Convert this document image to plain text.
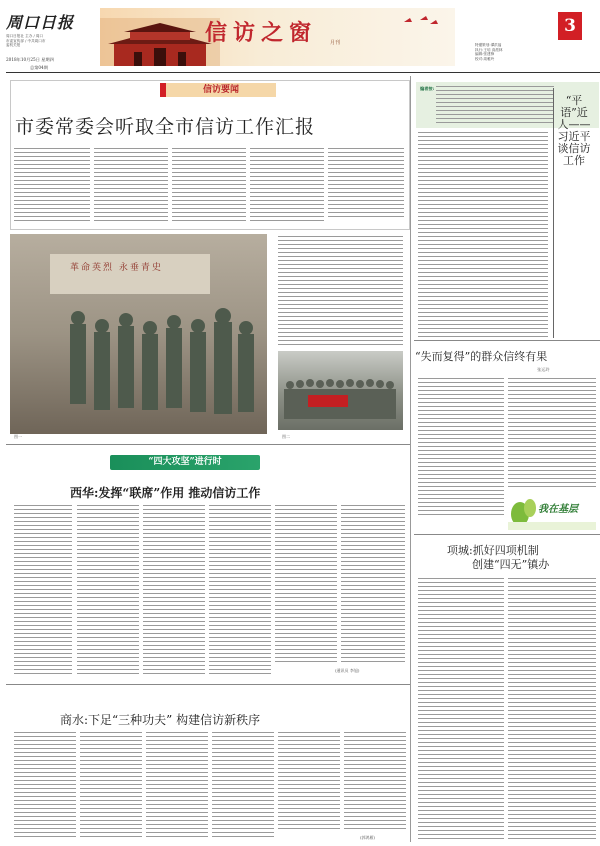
周口日报
周口日报社 主办 / 周口市委宣传部 / 中共周口市委机关报
2018年10月25日 星期四
总第04期
信访之窗	月刊
3
特邀策划:谭洪福
执行:王培 高派林
编辑:张建锋
校对:周雅玲
信访要闻
市委常委会听取全市信访工作汇报
革命英烈 永垂青史
图一	图二
“四大攻坚”进行时
西华:发挥“联席”作用 推动信访工作
(通讯员 李旭)
商水:下足“三种功夫” 构建信访新秩序
(郭鸿雁)
编者按:
“平语”近人——习近平谈信访工作
“失而复得”的群众信终有果
张运玲
我在基层
项城:抓好四项机制
创建“四无”镇办
